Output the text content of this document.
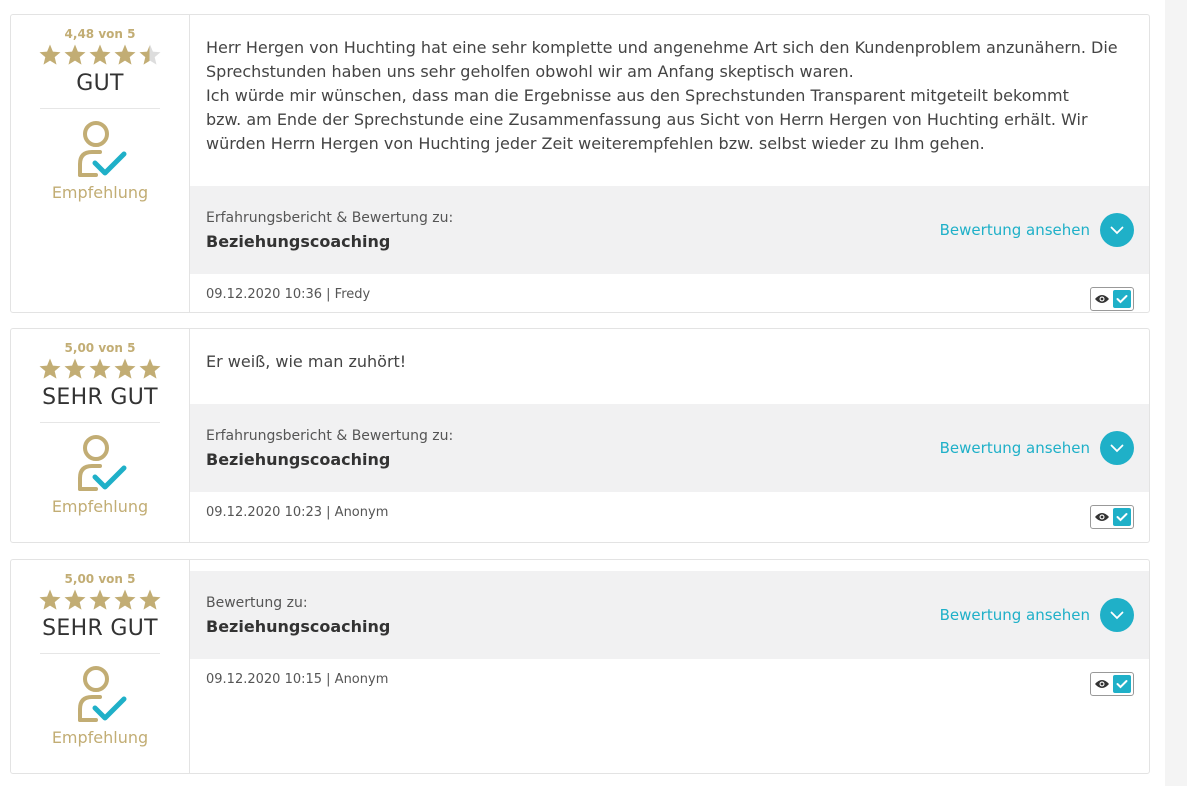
4,48 von 5
GUT
Empfehlung
Herr Hergen von Huchting hat eine sehr komplette und angenehme Art sich den Kundenproblem anzunähern. Die Sprechstunden haben uns sehr geholfen obwohl wir am Anfang skeptisch waren.
Ich würde mir wünschen, dass man die Ergebnisse aus den Sprechstunden Transparent mitgeteilt bekommt
bzw. am Ende der Sprechstunde eine Zusammenfassung aus Sicht von Herrn Hergen von Huchting erhält. Wir würden Herrn Hergen von Huchting jeder Zeit weiterempfehlen bzw. selbst wieder zu Ihm gehen.
Erfahrungsbericht & Bewertung zu:
Beziehungscoaching
Bewertung ansehen
09.12.2020 10:36 | Fredy
5,00 von 5
SEHR GUT
Empfehlung
Er weiß, wie man zuhört!
Erfahrungsbericht & Bewertung zu:
Beziehungscoaching
Bewertung ansehen
09.12.2020 10:23 | Anonym
5,00 von 5
SEHR GUT
Empfehlung
Bewertung zu:
Beziehungscoaching
Bewertung ansehen
09.12.2020 10:15 | Anonym
